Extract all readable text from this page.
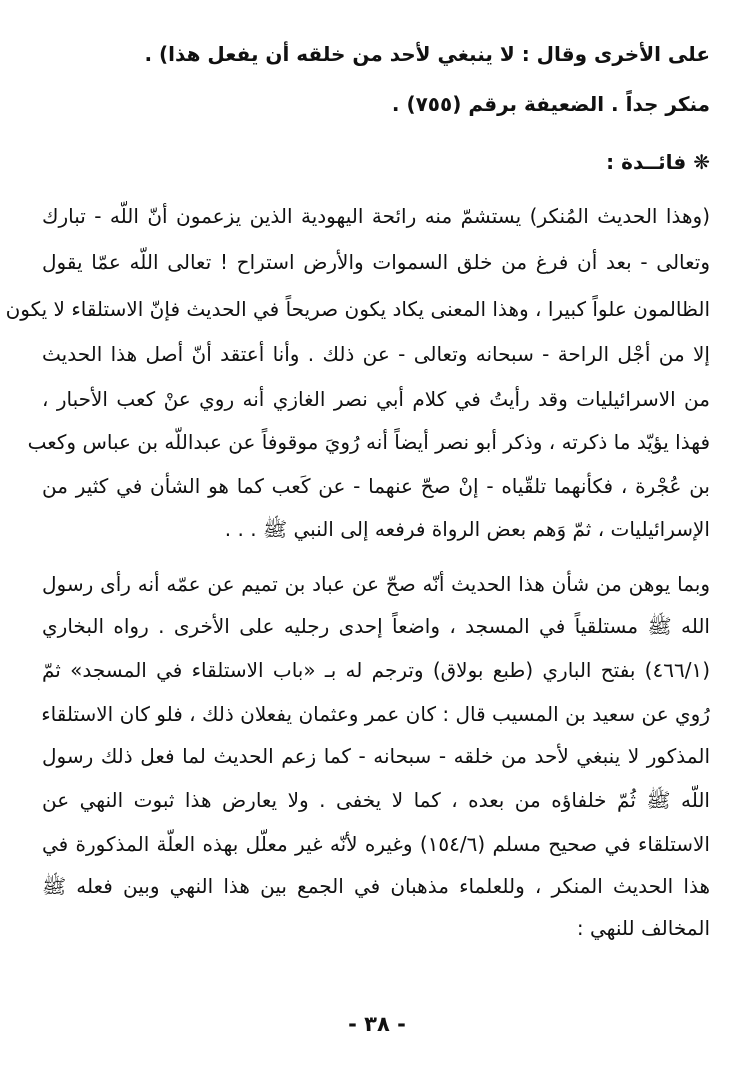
على الأخرى وقال : لا ينبغي لأحد من خلقه أن يفعل هذا) .
منكر جداً . الضعيفة برقم (٧٥٥) .
❋ فائــدة :
(وهذا الحديث المُنكر) يستشمّ منه رائحة اليهودية الذين يزعمون أنّ اللّه - تبارك
وتعالى - بعد أن فرغ من خلق السموات والأرض استراح ! تعالى اللّه عمّا يقول
الظالمون علواً كبيرا ، وهذا المعنى يكاد يكون صريحاً في الحديث فإنّ الاستلقاء لا يكون
إلا من أجْل الراحة - سبحانه وتعالى - عن ذلك . وأنا أعتقد أنّ أصل هذا الحديث
من الاسرائيليات وقد رأيتُ في كلام أبي نصر الغازي أنه روي عنْ كعب الأحبار ،
فهذا يؤيّد ما ذكرته ، وذكر أبو نصر أيضاً أنه رُويَ موقوفاً عن عبداللّه بن عباس وكعب
بن عُجْرة ، فكأنهما تلقّياه - إنْ صحّ عنهما - عن كَعب كما هو الشأن في كثير من
الإسرائيليات ، ثمّ وَهم بعض الرواة فرفعه إلى النبي ﷺ . . .
وبما يوهن من شأن هذا الحديث أنّه صحّ عن عباد بن تميم عن عمّه أنه رأى رسول
الله ﷺ مستلقياً في المسجد ، واضعاً إحدى رجليه على الأخرى . رواه البخاري
(٤٦٦/١) بفتح الباري (طبع بولاق) وترجم له بـ «باب الاستلقاء في المسجد» ثمّ
رُوي عن سعيد بن المسيب قال : كان عمر وعثمان يفعلان ذلك ، فلو كان الاستلقاء
المذكور لا ينبغي لأحد من خلقه - سبحانه - كما زعم الحديث لما فعل ذلك رسول
اللّه ﷺ ثُمّ خلفاؤه من بعده ، كما لا يخفى . ولا يعارض هذا ثبوت النهي عن
الاستلقاء في صحيح مسلم (١٥٤/٦) وغيره لأنّه غير معلّل بهذه العلّة المذكورة في
هذا الحديث المنكر ، وللعلماء مذهبان في الجمع بين هذا النهي وبين فعله ﷺ
المخالف للنهي :
- ٣٨ -
